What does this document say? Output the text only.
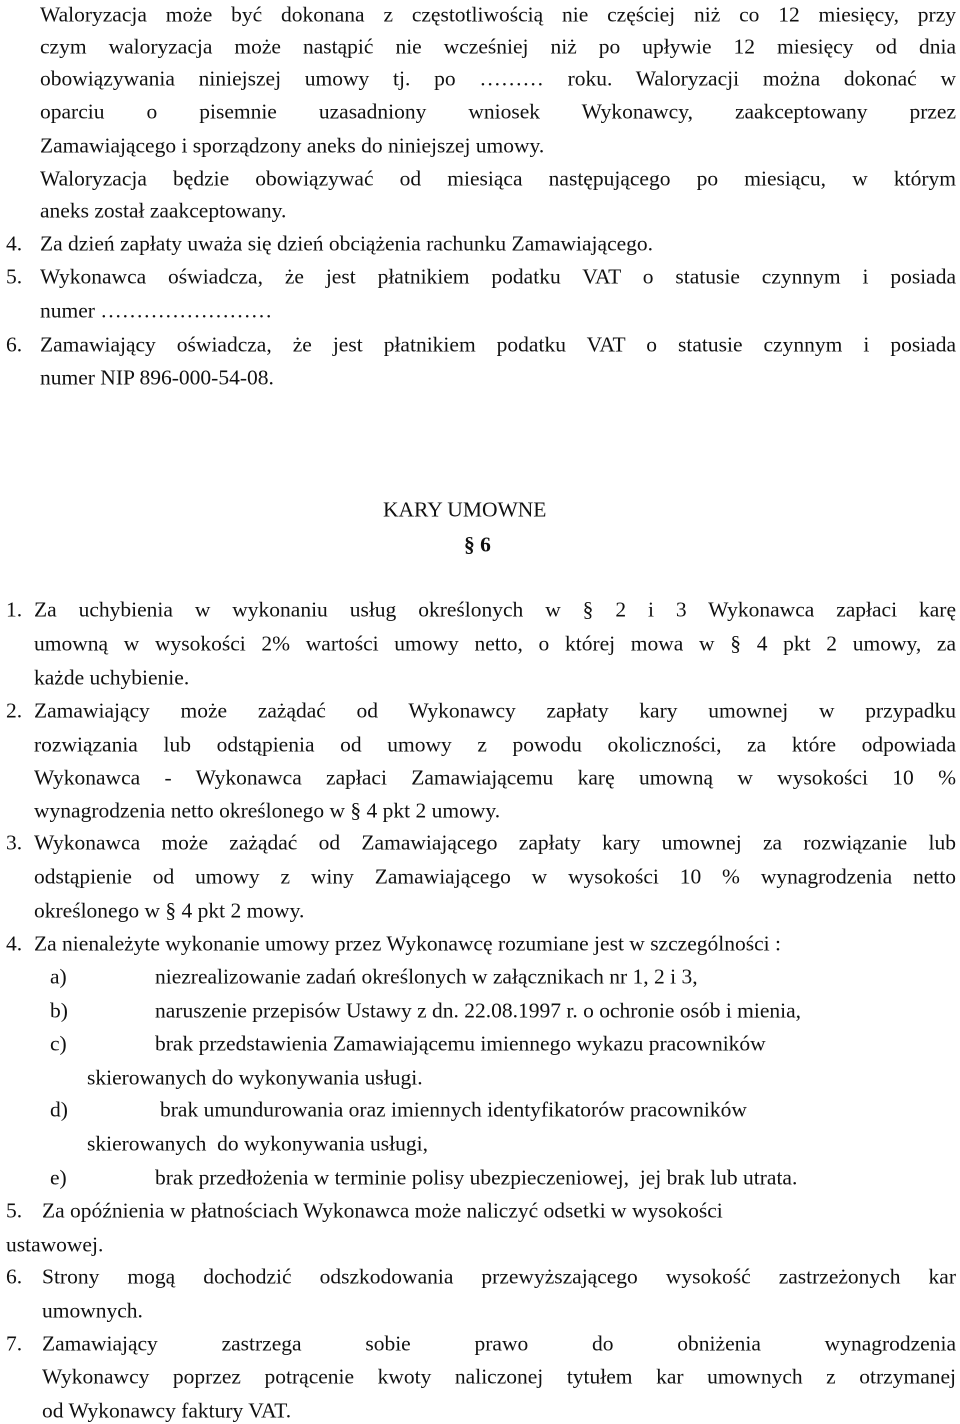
Waloryzacja może być dokonana z częstotliwością nie częściej niż co 12 miesięcy, przy
czym waloryzacja może nastąpić nie wcześniej niż po upływie 12 miesięcy od dnia
obowiązywania niniejszej umowy tj. po ……… roku. Waloryzacji można dokonać w
oparciu o pisemnie uzasadniony wniosek Wykonawcy, zaakceptowany przez
Zamawiającego i sporządzony aneks do niniejszej umowy.
Waloryzacja będzie obowiązywać od miesiąca następującego po miesiącu, w którym
aneks został zaakceptowany.
4. Za dzień zapłaty uważa się dzień obciążenia rachunku Zamawiającego.
5. Wykonawca oświadcza, że jest płatnikiem podatku VAT o statusie czynnym i posiada
numer ……………………
6. Zamawiający oświadcza, że jest płatnikiem podatku VAT o statusie czynnym i posiada
numer NIP 896-000-54-08.
KARY UMOWNE
§ 6
1. Za uchybienia w wykonaniu usług określonych w § 2 i 3 Wykonawca zapłaci karę
umowną w wysokości 2% wartości umowy netto, o której mowa w § 4 pkt 2 umowy, za
każde uchybienie.
2. Zamawiający może zażądać od Wykonawcy zapłaty kary umownej w przypadku
rozwiązania lub odstąpienia od umowy z powodu okoliczności, za które odpowiada
Wykonawca - Wykonawca zapłaci Zamawiającemu karę umowną w wysokości 10 %
wynagrodzenia netto określonego w § 4 pkt 2 umowy.
3. Wykonawca może zażądać od Zamawiającego zapłaty kary umownej za rozwiązanie lub
odstąpienie od umowy z winy Zamawiającego w wysokości 10 % wynagrodzenia netto
określonego w § 4 pkt 2 mowy.
4. Za nienależyte wykonanie umowy przez Wykonawcę rozumiane jest w szczególności :
a)	niezrealizowanie zadań określonych w załącznikach nr 1, 2 i 3,
b)	naruszenie przepisów Ustawy z dn. 22.08.1997 r. o ochronie osób i mienia,
c)	brak przedstawienia Zamawiającemu imiennego wykazu pracowników
skierowanych do wykonywania usługi.
d)	brak umundurowania oraz imiennych identyfikatorów pracowników
skierowanych  do wykonywania usługi,
e)	brak przedłożenia w terminie polisy ubezpieczeniowej,  jej brak lub utrata.
5. Za opóźnienia w płatnościach Wykonawca może naliczyć odsetki w wysokości
ustawowej.
6. Strony mogą dochodzić odszkodowania przewyższającego wysokość zastrzeżonych kar
umownych.
7. Zamawiający zastrzega sobie prawo do obniżenia wynagrodzenia
Wykonawcy poprzez potrącenie kwoty naliczonej tytułem kar umownych z otrzymanej
od Wykonawcy faktury VAT.
